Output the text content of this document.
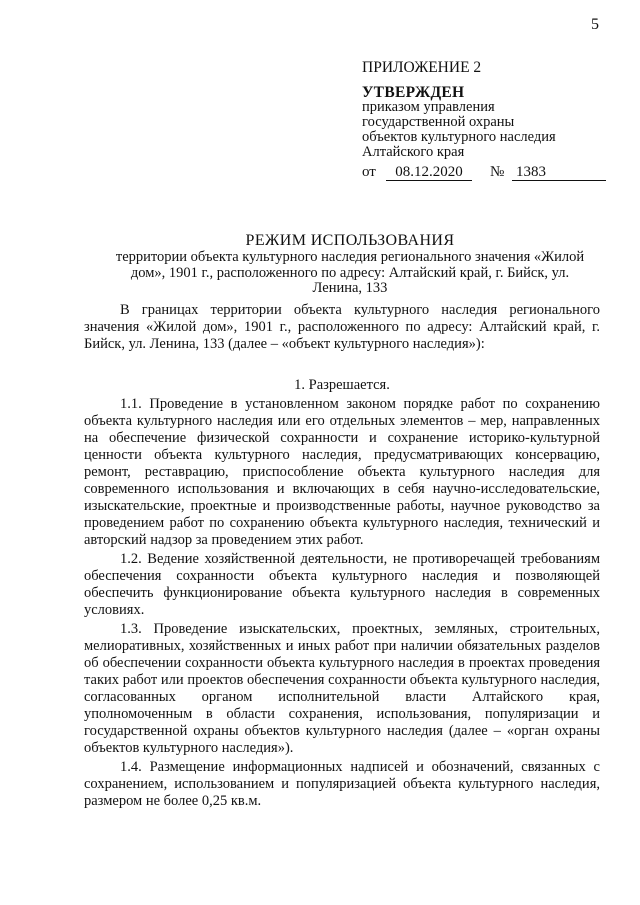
5
ПРИЛОЖЕНИЕ 2
УТВЕРЖДЕН
приказом управления
государственной охраны
объектов культурного наследия
Алтайского края
от	08.12.2020	№ 1383
РЕЖИМ ИСПОЛЬЗОВАНИЯ
территории объекта культурного наследия регионального значения «Жилой дом», 1901 г., расположенного по адресу: Алтайский край, г. Бийск, ул. Ленина, 133

В границах территории объекта культурного наследия регионального значения «Жилой дом», 1901 г., расположенного по адресу: Алтайский край, г. Бийск, ул. Ленина, 133 (далее – «объект культурного наследия»):

1. Разрешается.

1.1. Проведение в установленном законом порядке работ по сохранению объекта культурного наследия или его отдельных элементов – мер, направленных на обеспечение физической сохранности и сохранение историко-культурной ценности объекта культурного наследия, предусматривающих консервацию, ремонт, реставрацию, приспособление объекта культурного наследия для современного использования и включающих в себя научно-исследовательские, изыскательские, проектные и производственные работы, научное руководство за проведением работ по сохранению объекта культурного наследия, технический и авторский надзор за проведением этих работ.

1.2. Ведение хозяйственной деятельности, не противоречащей требованиям обеспечения сохранности объекта культурного наследия и позволяющей обеспечить функционирование объекта культурного наследия в современных условиях.

1.3. Проведение изыскательских, проектных, земляных, строительных, мелиоративных, хозяйственных и иных работ при наличии обязательных разделов об обеспечении сохранности объекта культурного наследия в проектах проведения таких работ или проектов обеспечения сохранности объекта культурного наследия, согласованных органом исполнительной власти Алтайского края, уполномоченным в области сохранения, использования, популяризации и государственной охраны объектов культурного наследия (далее – «орган охраны объектов культурного наследия»).

1.4. Размещение информационных надписей и обозначений, связанных с сохранением, использованием и популяризацией объекта культурного наследия, размером не более 0,25 кв.м.
